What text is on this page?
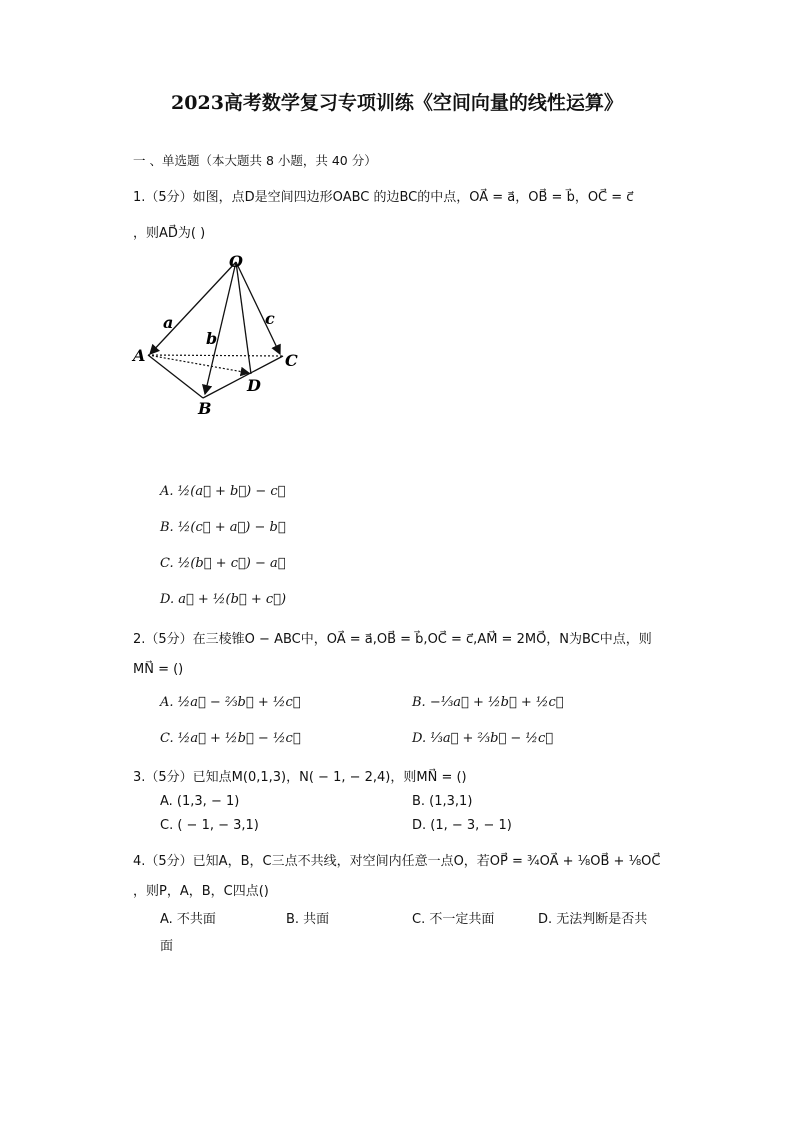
2023高考数学复习专项训练《空间向量的线性运算》
一 、单选题（本大题共 8 小题，共 40 分）
1.（5分）如图，点D是空间四边形OABC 的边BC的中点，OA⃗ = a⃗，OB⃗ = b⃗，OC⃗ = c⃗
，则AD⃗为( )
O
A
B
C
D
a
b
c
A. ½(a⃗ + b⃗) − c⃗
B. ½(c⃗ + a⃗) − b⃗
C. ½(b⃗ + c⃗) − a⃗
D. a⃗ + ½(b⃗ + c⃗)
2.（5分）在三棱锥O − ABC中，OA⃗ = a⃗,OB⃗ = b⃗,OC⃗ = c⃗,AM⃗ = 2MO⃗，N为BC中点，则
MN⃗ = ()
A. ½a⃗ − ⅔b⃗ + ½c⃗	B. −⅓a⃗ + ½b⃗ + ½c⃗
C. ½a⃗ + ½b⃗ − ½c⃗	D. ⅓a⃗ + ⅔b⃗ − ½c⃗
3.（5分）已知点M(0,1,3)，N( − 1, − 2,4)，则MN⃗ = ()
A. (1,3, − 1)	B. (1,3,1)
C. ( − 1, − 3,1)	D. (1, − 3, − 1)
4.（5分）已知A，B，C三点不共线，对空间内任意一点O，若OP⃗ = ¾OA⃗ + ⅛OB⃗ + ⅛OC⃗
，则P，A，B，C四点()
A. 不共面	B. 共面	C. 不一定共面	D. 无法判断是否共
面
